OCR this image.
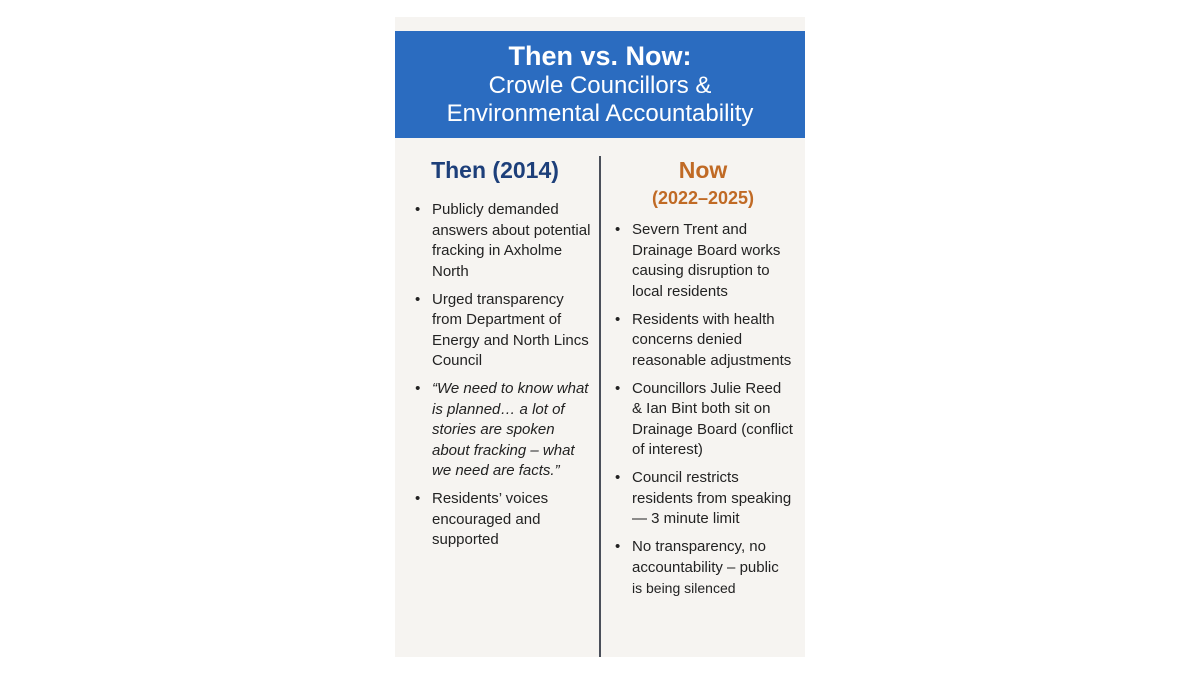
Then vs. Now:
Crowle Councillors &
Environmental Accountability
Then (2014)	Now
(2022–2025)
• Publicly demanded answers about potential fracking in Axholme North
• Urged transparency from Department of Energy and North Lincs Council
• “We need to know what is planned… a lot of stories are spoken about fracking – what we need are facts.”
• Residents’ voices encouraged and supported
• Severn Trent and Drainage Board works causing disruption to local residents
• Residents with health concerns denied reasonable adjustments
• Councillors Julie Reed & Ian Bint both sit on Drainage Board (conflict of interest)
• Council restricts residents from speaking — 3 minute limit
• No transparency, no accountability – public
is being silenced
